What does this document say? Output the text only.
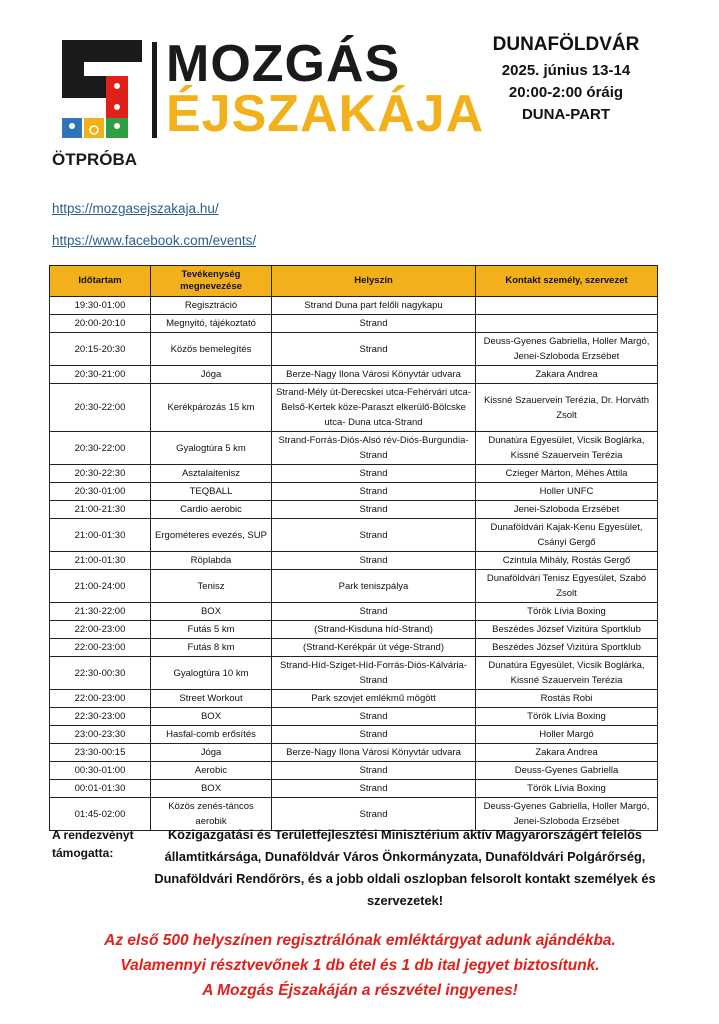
MOZGÁS
ÉJSZAKÁJA
ÖTPRÓBA
DUNAFÖLDVÁR
2025. június 13-14
20:00-2:00 óráig
DUNA-PART
https://mozgasejszakaja.hu/
https://www.facebook.com/events/
Időtartam	Tevékenység megnevezése	Helyszín	Kontakt személy, szervezet
19:30-01:00	Regisztráció	Strand Duna part felőli nagykapu	
20:00-20:10	Megnyitó, tájékoztató	Strand	
20:15-20:30	Közös bemelegítés	Strand	Deuss-Gyenes Gabriella, Holler Margó, Jenei-Szloboda Erzsébet
20:30-21:00	Jóga	Berze-Nagy Ilona Városi Könyvtár udvara	Zakara Andrea
20:30-22:00	Kerékpározás 15 km	Strand-Mély út-Derecskei utca-Fehérvári utca- Belső-Kertek köze-Paraszt elkerülő-Bölcske utca- Duna utca-Strand	Kissné Szauervein Terézia, Dr. Horváth Zsolt
20:30-22:00	Gyalogtúra 5 km	Strand-Forrás-Diós-Alsó rév-Diós-Burgundia-Strand	Dunatúra Egyesület, Vicsik Boglárka, Kissné Szauervein Terézia
20:30-22:30	Asztalaitenisz	Strand	Czieger Márton, Méhes Attila
20:30-01:00	TEQBALL	Strand	Holler UNFC
21:00-21:30	Cardio aerobic	Strand	Jenei-Szloboda Erzsébet
21:00-01:30	Ergométeres evezés, SUP	Strand	Dunaföldvári Kajak-Kenu Egyesület, Csányi Gergő
21:00-01:30	Röplabda	Strand	Czintula Mihály, Rostás Gergő
21:00-24:00	Tenisz	Park teniszpálya	Dunaföldvári Tenisz Egyesület, Szabó Zsolt
21:30-22:00	BOX	Strand	Török Lívia Boxing
22:00-23:00	Futás 5 km	(Strand-Kisduna híd-Strand)	Beszédes József Vizitúra Sportklub
22:00-23:00	Futás 8 km	(Strand-Kerékpár út vége-Strand)	Beszédes József Vizitúra Sportklub
22:30-00:30	Gyalogtúra 10 km	Strand-Híd-Sziget-Híd-Forrás-Diós-Kálvária-Strand	Dunatúra Egyesület, Vicsik Boglárka, Kissné Szauervein Terézia
22:00-23:00	Street Workout	Park szovjet emlékmű mögött	Rostás Robi
22:30-23:00	BOX	Strand	Török Lívia Boxing
23:00-23:30	Hasfal-comb erősítés	Strand	Holler Margó
23:30-00:15	Jóga	Berze-Nagy Ilona Városi Könyvtár udvara	Zakara Andrea
00:30-01:00	Aerobic	Strand	Deuss-Gyenes Gabriella
00:01-01:30	BOX	Strand	Török Lívia Boxing
01:45-02:00	Közös zenés-táncos aerobik	Strand	Deuss-Gyenes Gabriella, Holler Margó, Jenei-Szloboda Erzsébet
A rendezvényt támogatta:
Közigazgatási és Területfejlesztési Minisztérium aktív Magyarországért felelős államtitkársága, Dunaföldvár Város Önkormányzata, Dunaföldvári Polgárőrség, Dunaföldvári Rendőrörs, és a jobb oldali oszlopban felsorolt kontakt személyek és szervezetek!
Az első 500 helyszínen regisztrálónak emléktárgyat adunk ajándékba.
Valamennyi résztvevőnek 1 db étel és 1 db ital jegyet biztosítunk.
A Mozgás Éjszakáján a részvétel ingyenes!
